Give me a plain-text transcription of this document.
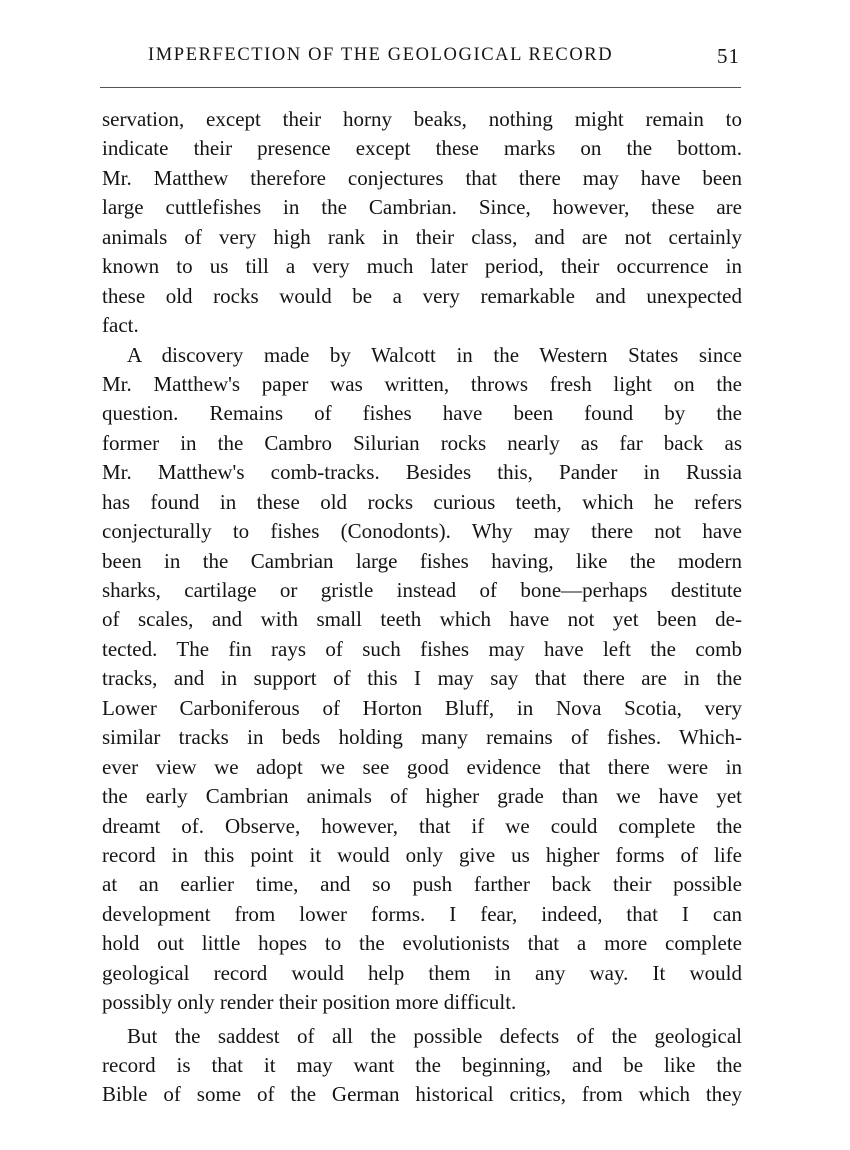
IMPERFECTION OF THE GEOLOGICAL RECORD	51

servation, except their horny beaks, nothing might remain to
indicate their presence except these marks on the bottom.
Mr. Matthew therefore conjectures that there may have been
large cuttlefishes in the Cambrian. Since, however, these are
animals of very high rank in their class, and are not certainly
known to us till a very much later period, their occurrence in
these old rocks would be a very remarkable and unexpected
fact.

A discovery made by Walcott in the Western States since
Mr. Matthew's paper was written, throws fresh light on the
question. Remains of fishes have been found by the
former in the Cambro Silurian rocks nearly as far back as
Mr. Matthew's comb-tracks. Besides this, Pander in Russia
has found in these old rocks curious teeth, which he refers
conjecturally to fishes (Conodonts). Why may there not have
been in the Cambrian large fishes having, like the modern
sharks, cartilage or gristle instead of bone—perhaps destitute
of scales, and with small teeth which have not yet been de-
tected. The fin rays of such fishes may have left the comb
tracks, and in support of this I may say that there are in the
Lower Carboniferous of Horton Bluff, in Nova Scotia, very
similar tracks in beds holding many remains of fishes. Which-
ever view we adopt we see good evidence that there were in
the early Cambrian animals of higher grade than we have yet
dreamt of. Observe, however, that if we could complete the
record in this point it would only give us higher forms of life
at an earlier time, and so push farther back their possible
development from lower forms. I fear, indeed, that I can
hold out little hopes to the evolutionists that a more complete
geological record would help them in any way. It would
possibly only render their position more difficult.

But the saddest of all the possible defects of the geological
record is that it may want the beginning, and be like the
Bible of some of the German historical critics, from which they
